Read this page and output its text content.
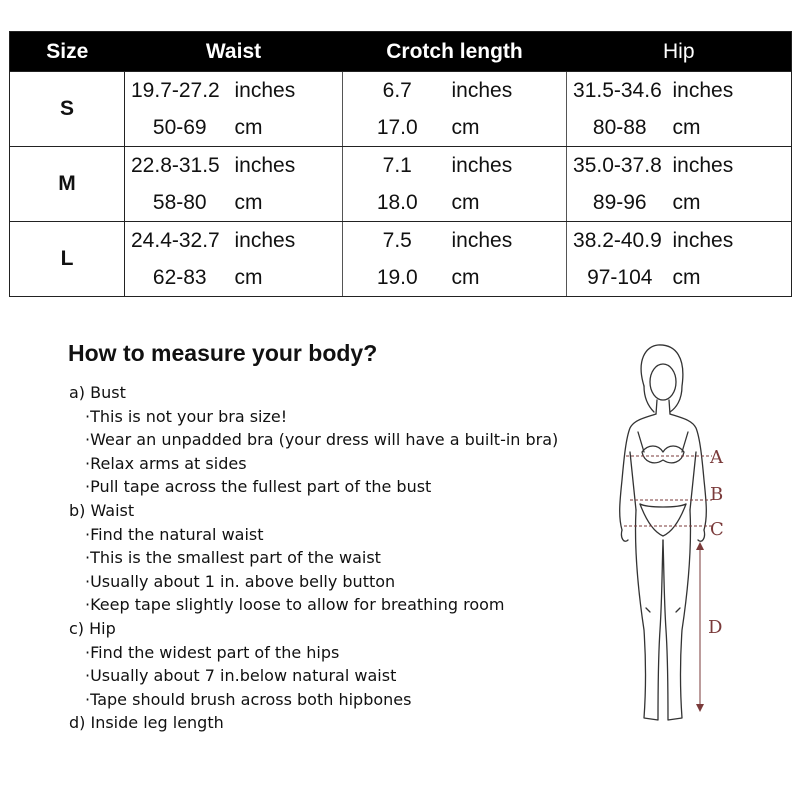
Size	Waist		Crotch length		Hip	
S	19.7-27.2	inches	6.7	inches	31.5-34.6	inches
	50-69	cm	17.0	cm	80-88	cm
M	22.8-31.5	inches	7.1	inches	35.0-37.8	inches
	58-80	cm	18.0	cm	89-96	cm
L	24.4-32.7	inches	7.5	inches	38.2-40.9	inches
	62-83	cm	19.0	cm	97-104	cm
How to measure your body?
a) Bust
·This is not your bra size!
·Wear an unpadded bra (your dress will have a built-in bra)
·Relax arms at sides
·Pull tape across the fullest part of the bust
b) Waist
·Find the natural waist
·This is the smallest part of the waist
·Usually about 1 in. above belly button
·Keep tape slightly loose to allow for breathing room
c) Hip
·Find the widest part of the hips
·Usually about 7 in.below natural waist
·Tape should brush across both hipbones
d) Inside leg length
A
B
C
D
